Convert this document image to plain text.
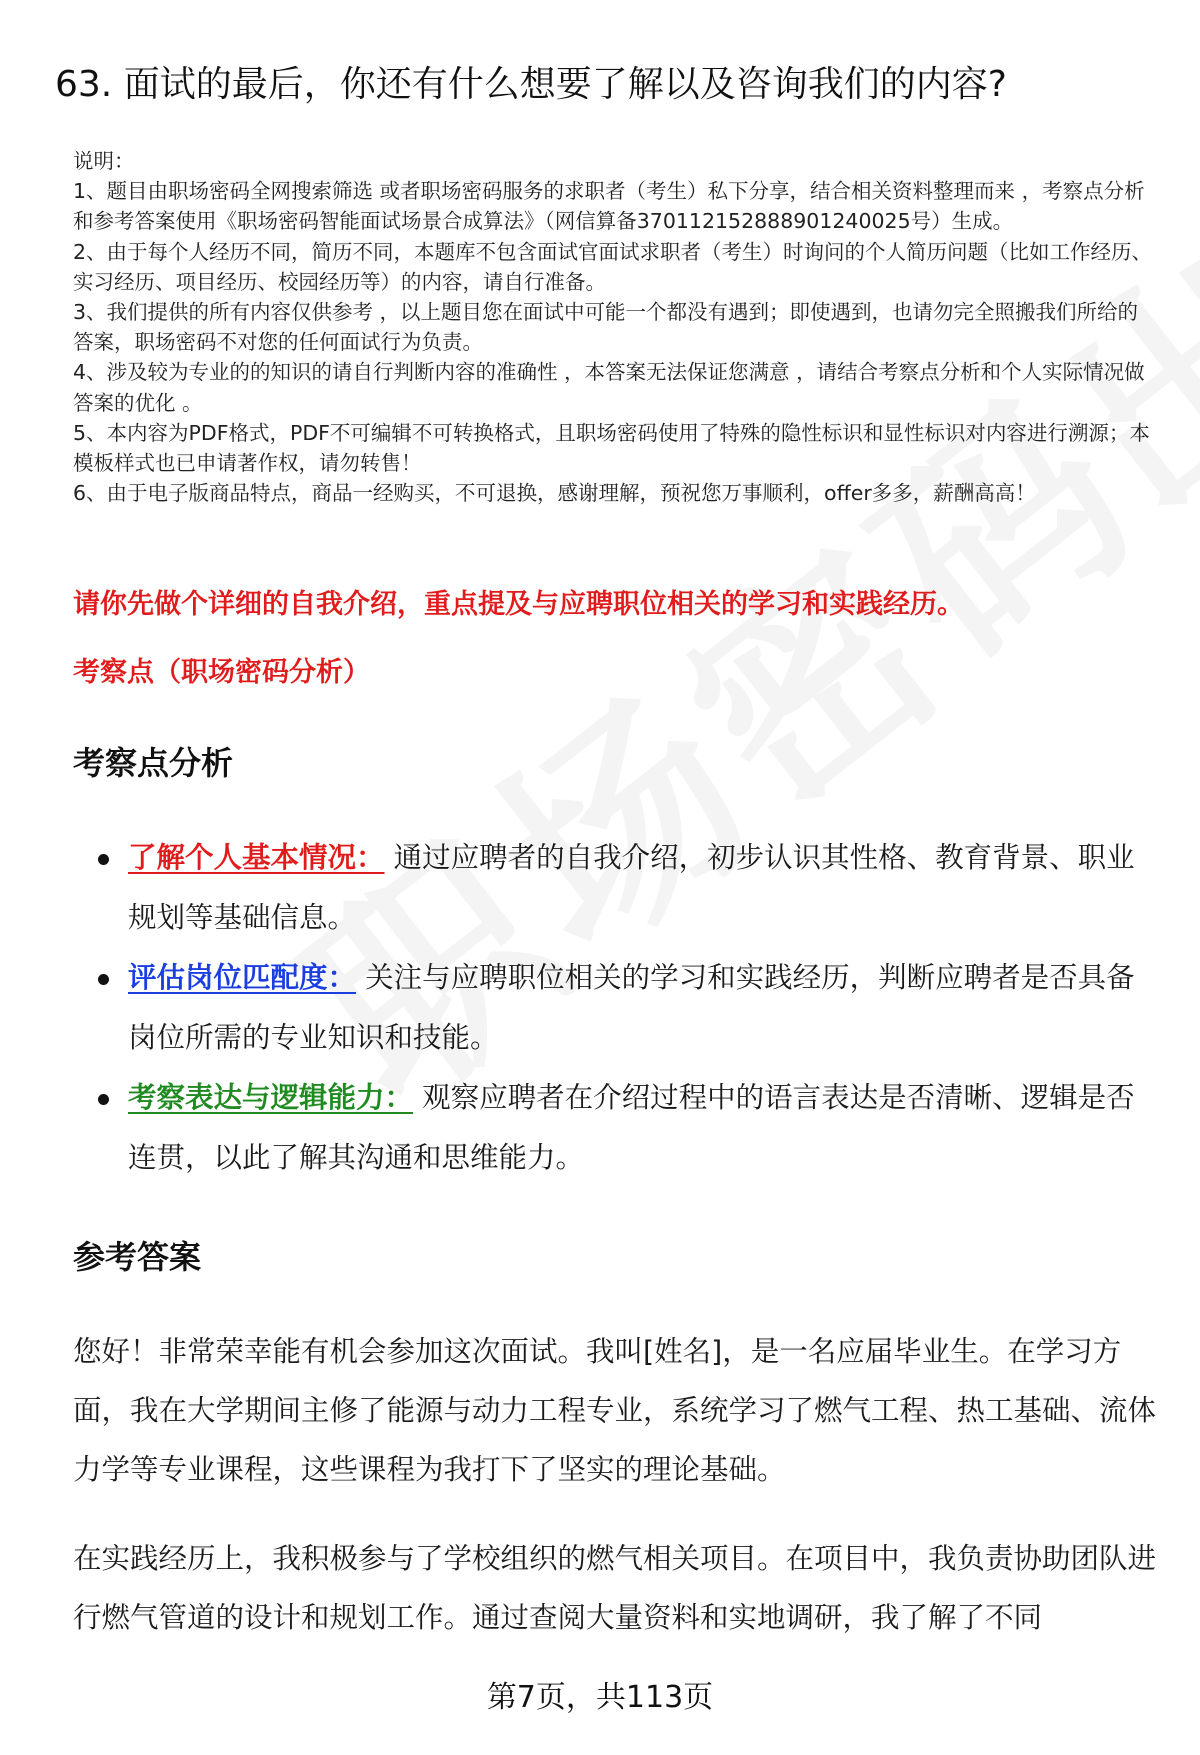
63. 面试的最后，你还有什么想要了解以及咨询我们的内容?

说明：

1、题目由职场密码全网搜索筛选 或者职场密码服务的求职者（考生）私下分享，结合相关资料整理而来 ，考察点分析和参考答案使用《职场密码智能面试场景合成算法》（网信算备370112152888901240025号）生成。

2、由于每个人经历不同，简历不同，本题库不包含面试官面试求职者（考生）时询问的个人简历问题（比如工作经历、实习经历、项目经历、校园经历等）的内容，请自行准备。

3、我们提供的所有内容仅供参考 ，以上题目您在面试中可能一个都没有遇到；即使遇到，也请勿完全照搬我们所给的答案，职场密码不对您的任何面试行为负责。

4、涉及较为专业的的知识的请自行判断内容的准确性 ，本答案无法保证您满意 ，请结合考察点分析和个人实际情况做答案的优化 。

5、本内容为PDF格式，PDF不可编辑不可转换格式，且职场密码使用了特殊的隐性标识和显性标识对内容进行溯源；本模板样式也已申请著作权，请勿转售！

6、由于电子版商品特点，商品一经购买，不可退换，感谢理解，预祝您万事顺利，offer多多，薪酬高高！

请你先做个详细的自我介绍，重点提及与应聘职位相关的学习和实践经历。
考察点（职场密码分析）
考察点分析
了解个人基本情况： 通过应聘者的自我介绍，初步认识其性格、教育背景、职业规划等基础信息。
评估岗位匹配度： 关注与应聘职位相关的学习和实践经历，判断应聘者是否具备岗位所需的专业知识和技能。
考察表达与逻辑能力： 观察应聘者在介绍过程中的语言表达是否清晰、逻辑是否连贯，以此了解其沟通和思维能力。
参考答案

您好！非常荣幸能有机会参加这次面试。我叫[姓名]，是一名应届毕业生。在学习方面，我在大学期间主修了能源与动力工程专业，系统学习了燃气工程、热工基础、流体力学等专业课程，这些课程为我打下了坚实的理论基础。

在实践经历上，我积极参与了学校组织的燃气相关项目。在项目中，我负责协助团队进行燃气管道的设计和规划工作。通过查阅大量资料和实地调研，我了解了不同

第7页，共113页
